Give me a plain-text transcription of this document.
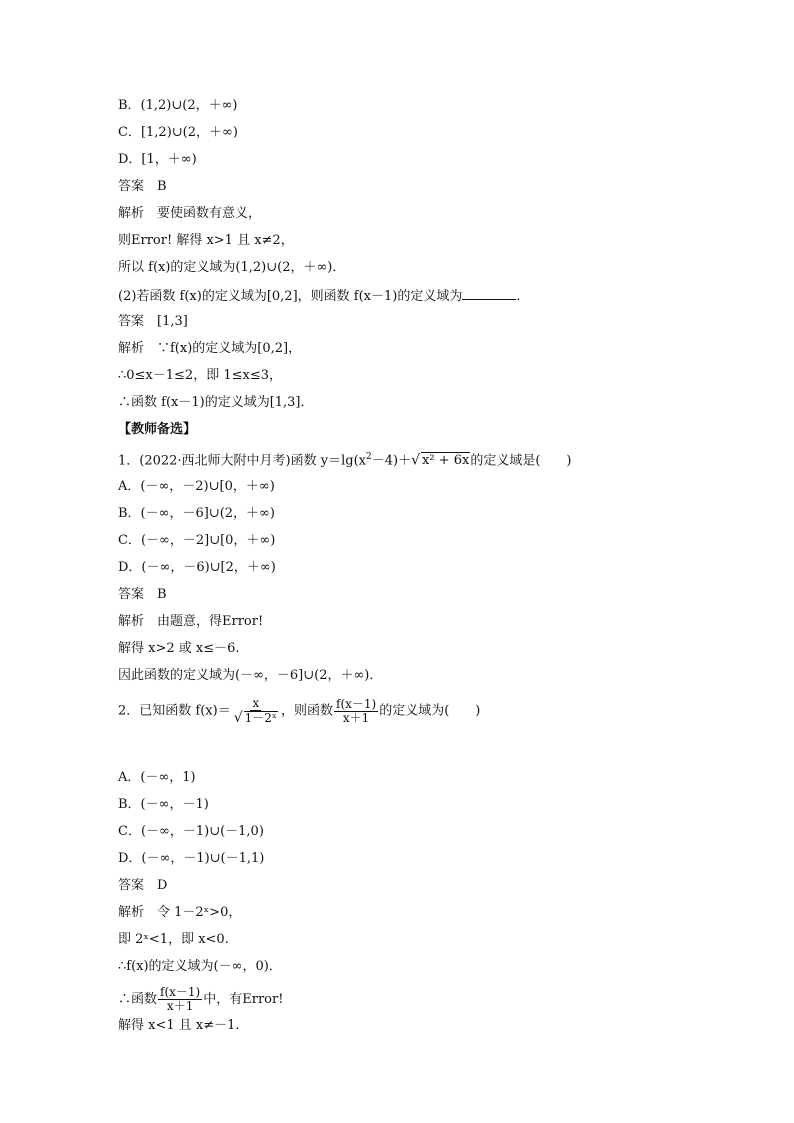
B．(1,2)∪(2，＋∞)
C．[1,2)∪(2，＋∞)
D．[1，＋∞)
答案　B
解析　要使函数有意义，
则Error! 解得 x>1 且 x≠2，
所以 f(x)的定义域为(1,2)∪(2，＋∞)．
(2)若函数 f(x)的定义域为[0,2]，则函数 f(x－1)的定义域为	．
答案　[1,3]
解析　∵f(x)的定义域为[0,2]，
∴0≤x－1≤2，即 1≤x≤3，
∴函数 f(x－1)的定义域为[1,3]．
【教师备选】
1．(2022·西北师大附中月考)函数 $y=\lg(x^2-4)+√$ x² + 6x的定义域是(　　)
A．(－∞，－2)∪[0，＋∞)
B．(－∞，－6]∪(2，＋∞)
C．(－∞，－2]∪[0，＋∞)
D．(－∞，－6)∪[2，＋∞)
答案　B
解析　由题意，得Error!
解得 x>2 或 x≤－6.
因此函数的定义域为(－∞，－6]∪(2，＋∞)．
2．已知函数 $f(x)= \frac{x}{\text{√ 1－2ˣ}}$ ，则函数 $\frac{f(x-1)}{x+1}$ 的定义域为(　　)
A．(－∞，1)
B．(－∞，－1)
C．(－∞，－1)∪(－1,0)
D．(－∞，－1)∪(－1,1)
答案　D
解析　令 1－2ˣ>0，
即 2ˣ<1，即 x<0.
∴f(x)的定义域为(－∞，0)．
∴函数 $\frac{f(x-1)}{x+1}$ 中，有Error!
解得 x<1 且 x≠－1.
